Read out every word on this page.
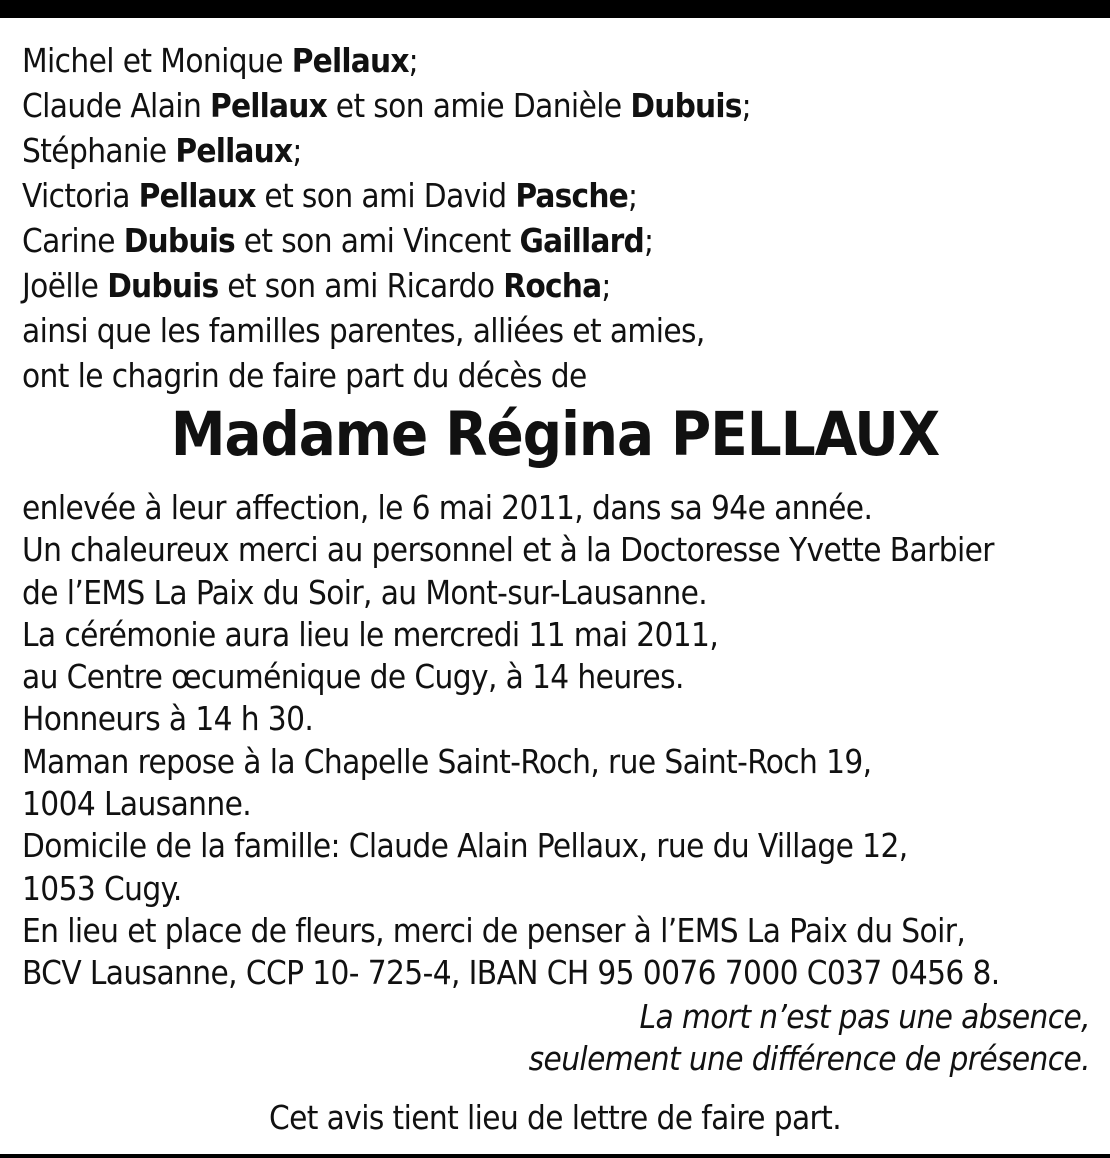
Michel et Monique Pellaux;
Claude Alain Pellaux et son amie Danièle Dubuis;
Stéphanie Pellaux;
Victoria Pellaux et son ami David Pasche;
Carine Dubuis et son ami Vincent Gaillard;
Joëlle Dubuis et son ami Ricardo Rocha;
ainsi que les familles parentes, alliées et amies,
ont le chagrin de faire part du décès de
Madame Régina PELLAUX
enlevée à leur affection, le 6 mai 2011, dans sa 94e année.
Un chaleureux merci au personnel et à la Doctoresse Yvette Barbier
de l’EMS La Paix du Soir, au Mont-sur-Lausanne.
La cérémonie aura lieu le mercredi 11 mai 2011,
au Centre œcuménique de Cugy, à 14 heures.
Honneurs à 14 h 30.
Maman repose à la Chapelle Saint-Roch, rue Saint-Roch 19,
1004 Lausanne.
Domicile de la famille: Claude Alain Pellaux, rue du Village 12,
1053 Cugy.
En lieu et place de fleurs, merci de penser à l’EMS La Paix du Soir,
BCV Lausanne, CCP 10- 725-4, IBAN CH 95 0076 7000 C037 0456 8.
La mort n’est pas une absence,
seulement une différence de présence.
Cet avis tient lieu de lettre de faire part.
